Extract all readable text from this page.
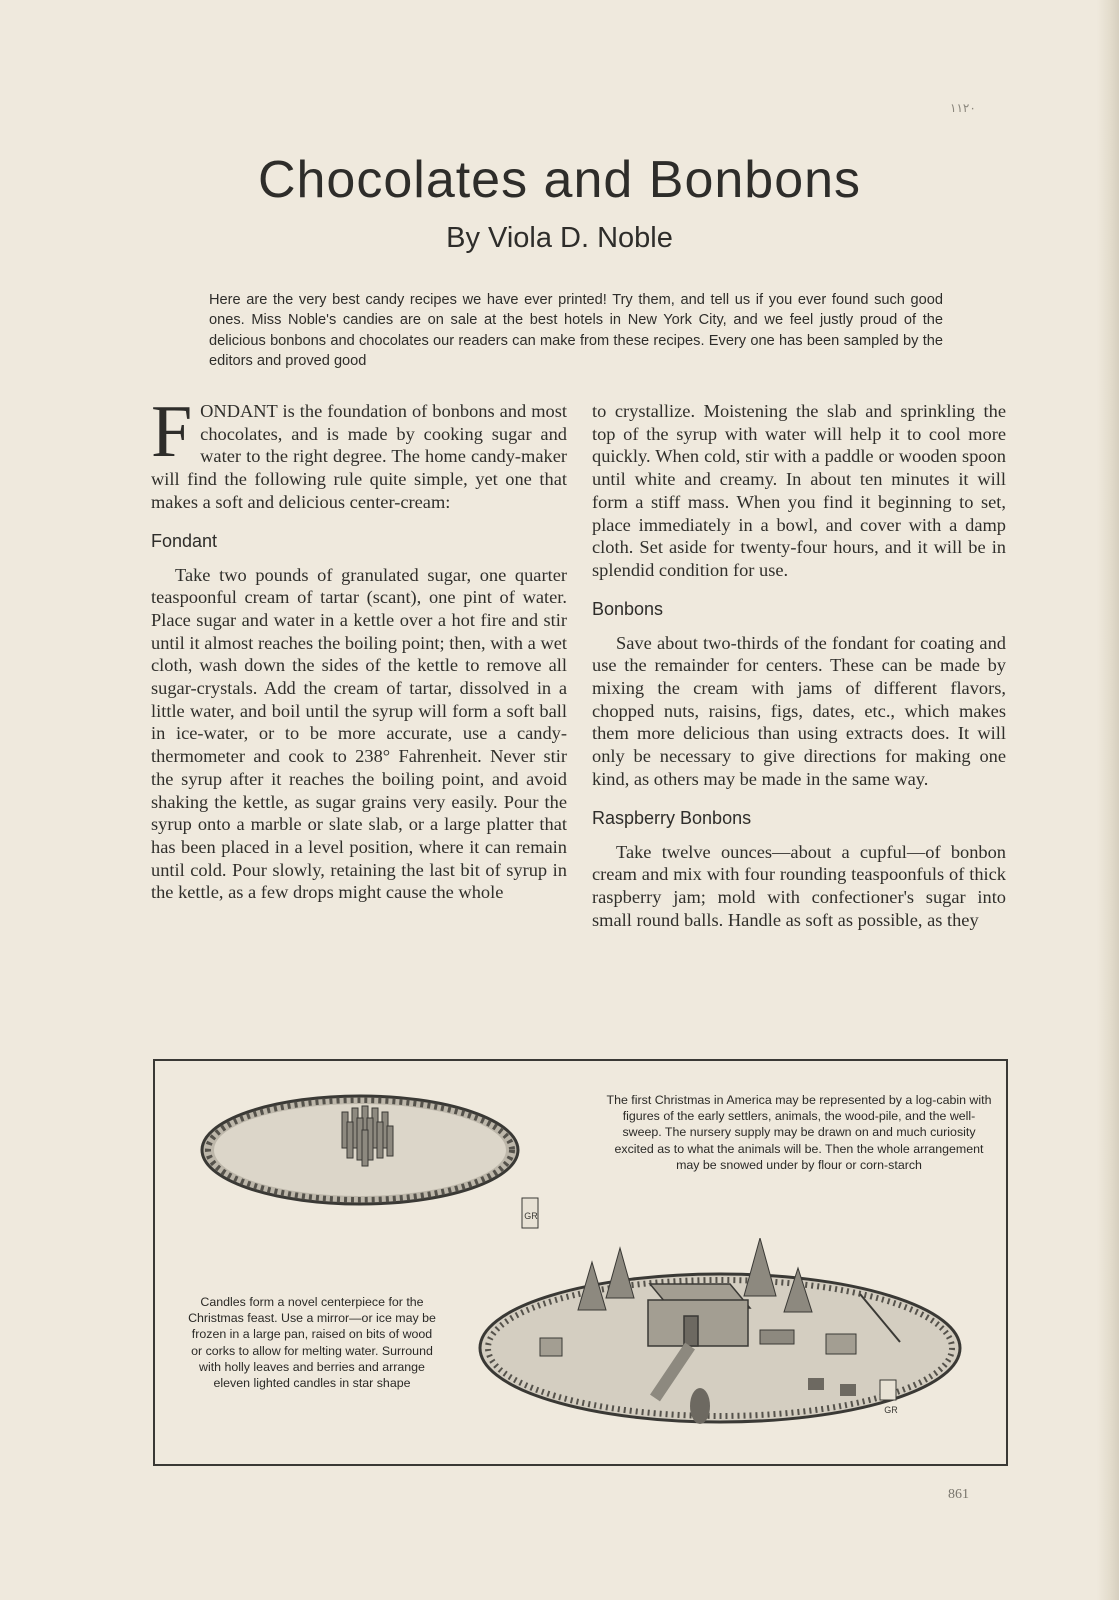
١١٢٠
Chocolates and Bonbons
By Viola D. Noble

Here are the very best candy recipes we have ever printed! Try them, and tell us if you ever found such good ones. Miss Noble's candies are on sale at the best hotels in New York City, and we feel justly proud of the delicious bonbons and chocolates our readers can make from these recipes. Every one has been sampled by the editors and proved good

FONDANT is the foundation of bonbons and most chocolates, and is made by cooking sugar and water to the right degree. The home candy-maker will find the following rule quite simple, yet one that makes a soft and delicious center-cream:

Fondant

Take two pounds of granulated sugar, one quarter teaspoonful cream of tartar (scant), one pint of water. Place sugar and water in a kettle over a hot fire and stir until it almost reaches the boiling point; then, with a wet cloth, wash down the sides of the kettle to remove all sugar-crystals. Add the cream of tartar, dissolved in a little water, and boil until the syrup will form a soft ball in ice-water, or to be more accurate, use a candy-thermometer and cook to 238° Fahrenheit. Never stir the syrup after it reaches the boiling point, and avoid shaking the kettle, as sugar grains very easily. Pour the syrup onto a marble or slate slab, or a large platter that has been placed in a level position, where it can remain until cold. Pour slowly, retaining the last bit of syrup in the kettle, as a few drops might cause the whole

to crystallize. Moistening the slab and sprinkling the top of the syrup with water will help it to cool more quickly. When cold, stir with a paddle or wooden spoon until white and creamy. In about ten minutes it will form a stiff mass. When you find it beginning to set, place immediately in a bowl, and cover with a damp cloth. Set aside for twenty-four hours, and it will be in splendid condition for use.

Bonbons

Save about two-thirds of the fondant for coating and use the remainder for centers. These can be made by mixing the cream with jams of different flavors, chopped nuts, raisins, figs, dates, etc., which makes them more delicious than using extracts does. It will only be necessary to give directions for making one kind, as others may be made in the same way.

Raspberry Bonbons

Take twelve ounces—about a cupful—of bonbon cream and mix with four rounding teaspoonfuls of thick raspberry jam; mold with confectioner's sugar into small round balls. Handle as soft as possible, as they

GR
GR
The first Christmas in America may be represented by a log-cabin with figures of the early settlers, animals, the wood-pile, and the well-sweep. The nursery supply may be drawn on and much curiosity excited as to what the animals will be. Then the whole arrangement may be snowed under by flour or corn-starch
Candles form a novel centerpiece for the Christmas feast. Use a mirror—or ice may be frozen in a large pan, raised on bits of wood or corks to allow for melting water. Surround with holly leaves and berries and arrange eleven lighted candles in star shape
861
